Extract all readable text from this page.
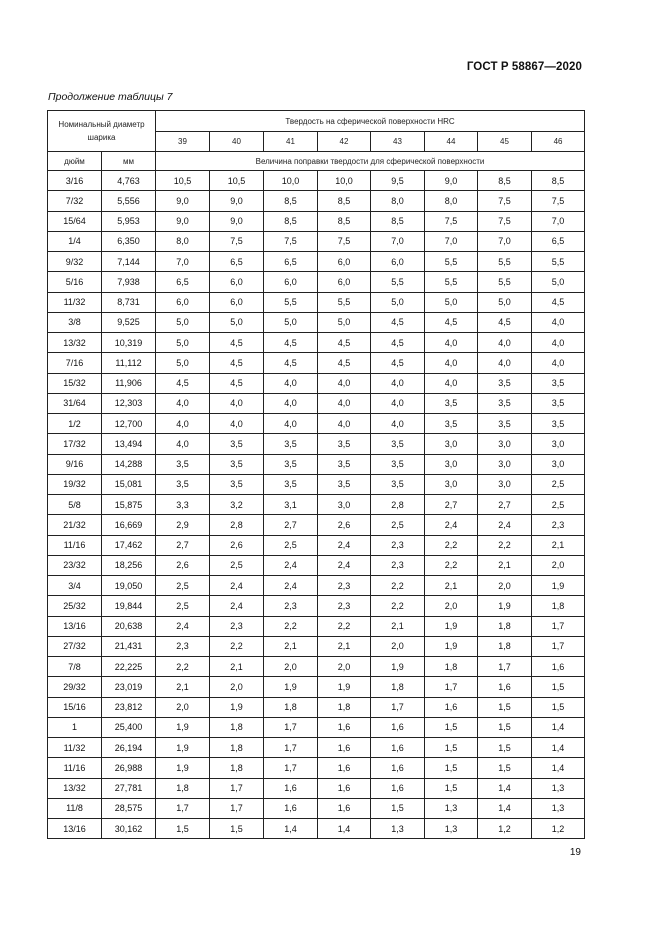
ГОСТ Р 58867—2020
Продолжение таблицы 7
Номинальный диаметр шарика		Твердость на сферической поверхности HRC							
		39	40	41	42	43	44	45	46
дюйм	мм	Величина поправки твердости для сферической поверхности							
3/16	4,763	10,5	10,5	10,0	10,0	9,5	9,0	8,5	8,5
7/32	5,556	9,0	9,0	8,5	8,5	8,0	8,0	7,5	7,5
15/64	5,953	9,0	9,0	8,5	8,5	8,5	7,5	7,5	7,0
1/4	6,350	8,0	7,5	7,5	7,5	7,0	7,0	7,0	6,5
9/32	7,144	7,0	6,5	6,5	6,0	6,0	5,5	5,5	5,5
5/16	7,938	6,5	6,0	6,0	6,0	5,5	5,5	5,5	5,0
11/32	8,731	6,0	6,0	5,5	5,5	5,0	5,0	5,0	4,5
3/8	9,525	5,0	5,0	5,0	5,0	4,5	4,5	4,5	4,0
13/32	10,319	5,0	4,5	4,5	4,5	4,5	4,0	4,0	4,0
7/16	11,112	5,0	4,5	4,5	4,5	4,5	4,0	4,0	4,0
15/32	11,906	4,5	4,5	4,0	4,0	4,0	4,0	3,5	3,5
31/64	12,303	4,0	4,0	4,0	4,0	4,0	3,5	3,5	3,5
1/2	12,700	4,0	4,0	4,0	4,0	4,0	3,5	3,5	3,5
17/32	13,494	4,0	3,5	3,5	3,5	3,5	3,0	3,0	3,0
9/16	14,288	3,5	3,5	3,5	3,5	3,5	3,0	3,0	3,0
19/32	15,081	3,5	3,5	3,5	3,5	3,5	3,0	3,0	2,5
5/8	15,875	3,3	3,2	3,1	3,0	2,8	2,7	2,7	2,5
21/32	16,669	2,9	2,8	2,7	2,6	2,5	2,4	2,4	2,3
11/16	17,462	2,7	2,6	2,5	2,4	2,3	2,2	2,2	2,1
23/32	18,256	2,6	2,5	2,4	2,4	2,3	2,2	2,1	2,0
3/4	19,050	2,5	2,4	2,4	2,3	2,2	2,1	2,0	1,9
25/32	19,844	2,5	2,4	2,3	2,3	2,2	2,0	1,9	1,8
13/16	20,638	2,4	2,3	2,2	2,2	2,1	1,9	1,8	1,7
27/32	21,431	2,3	2,2	2,1	2,1	2,0	1,9	1,8	1,7
7/8	22,225	2,2	2,1	2,0	2,0	1,9	1,8	1,7	1,6
29/32	23,019	2,1	2,0	1,9	1,9	1,8	1,7	1,6	1,5
15/16	23,812	2,0	1,9	1,8	1,8	1,7	1,6	1,5	1,5
1	25,400	1,9	1,8	1,7	1,6	1,6	1,5	1,5	1,4
11/32	26,194	1,9	1,8	1,7	1,6	1,6	1,5	1,5	1,4
11/16	26,988	1,9	1,8	1,7	1,6	1,6	1,5	1,5	1,4
13/32	27,781	1,8	1,7	1,6	1,6	1,6	1,5	1,4	1,3
11/8	28,575	1,7	1,7	1,6	1,6	1,5	1,3	1,4	1,3
13/16	30,162	1,5	1,5	1,4	1,4	1,3	1,3	1,2	1,2
19
